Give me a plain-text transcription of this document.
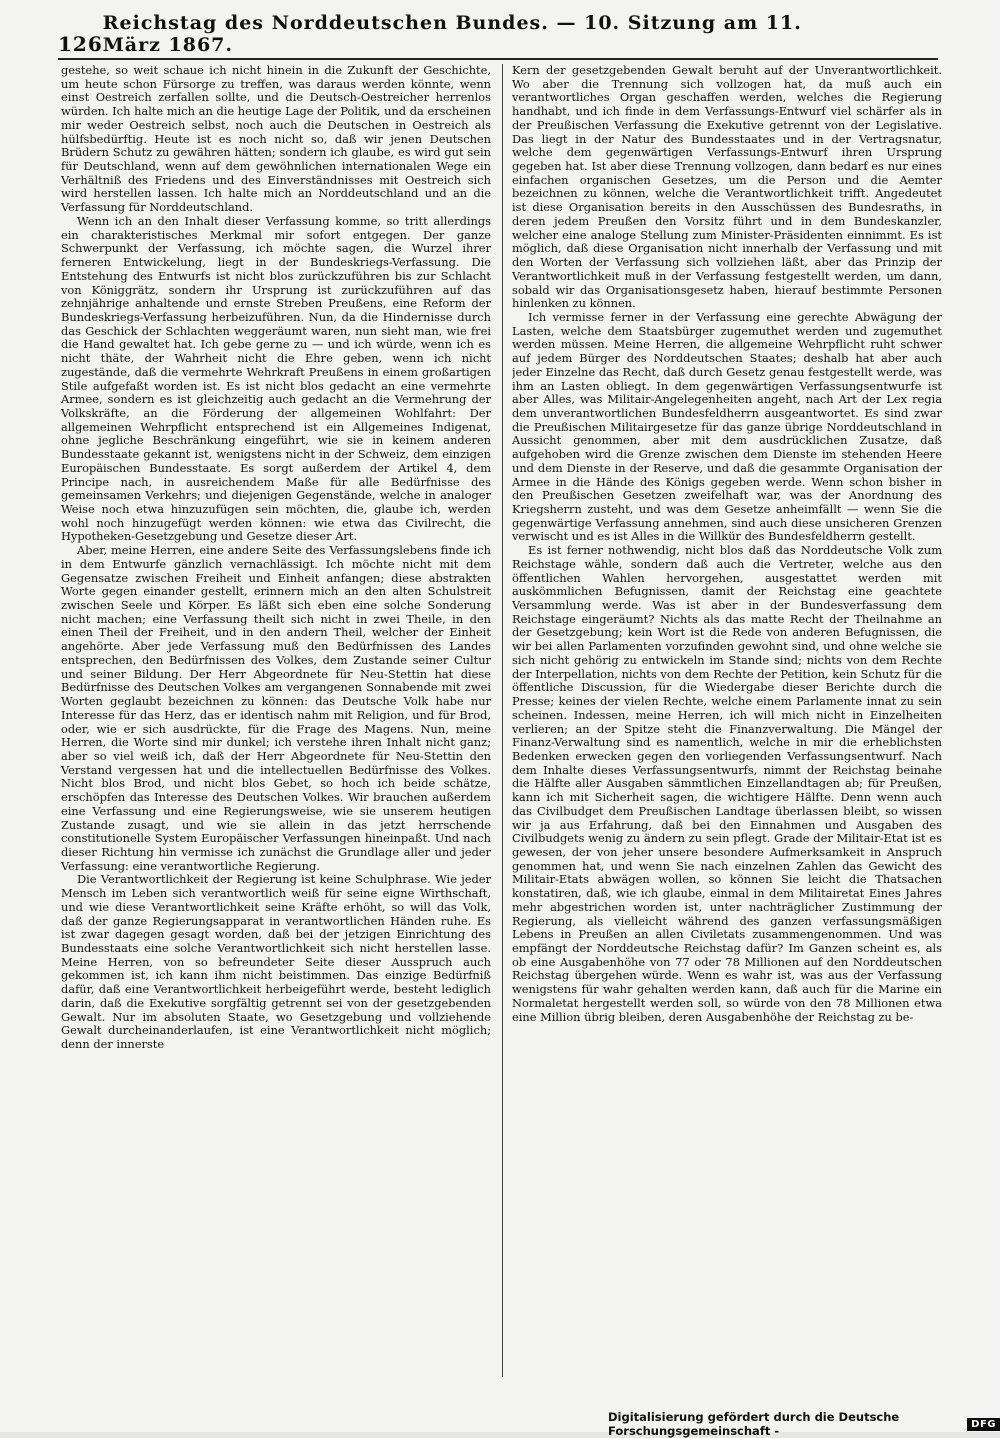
126
Reichstag des Norddeutschen Bundes. — 10. Sitzung am 11. März 1867.

gestehe, so weit schaue ich nicht hinein in die Zukunft der Geschichte, um heute schon Fürsorge zu treffen, was daraus werden könnte, wenn einst Oestreich zerfallen sollte, und die Deutsch-Oestreicher herrenlos würden. Ich halte mich an die heutige Lage der Politik, und da erscheinen mir weder Oestreich selbst, noch auch die Deutschen in Oestreich als hülfsbedürftig. Heute ist es noch nicht so, daß wir jenen Deutschen Brüdern Schutz zu gewähren hätten; sondern ich glaube, es wird gut sein für Deutschland, wenn auf dem gewöhnlichen internationalen Wege ein Verhältniß des Friedens und des Einverständnisses mit Oestreich sich wird herstellen lassen. Ich halte mich an Norddeutschland und an die Verfassung für Norddeutschland.

Wenn ich an den Inhalt dieser Verfassung komme, so tritt allerdings ein charakteristisches Merkmal mir sofort entgegen. Der ganze Schwerpunkt der Verfassung, ich möchte sagen, die Wurzel ihrer ferneren Entwickelung, liegt in der Bundeskriegs-Verfassung. Die Entstehung des Entwurfs ist nicht blos zurückzuführen bis zur Schlacht von Königgrätz, sondern ihr Ursprung ist zurückzuführen auf das zehnjährige anhaltende und ernste Streben Preußens, eine Reform der Bundeskriegs-Verfassung herbeizuführen. Nun, da die Hindernisse durch das Geschick der Schlachten weggeräumt waren, nun sieht man, wie frei die Hand gewaltet hat. Ich gebe gerne zu — und ich würde, wenn ich es nicht thäte, der Wahrheit nicht die Ehre geben, wenn ich nicht zugeständе, daß die vermehrte Wehrkraft Preußens in einem großartigen Stile aufgefaßt worden ist. Es ist nicht blos gedacht an eine vermehrte Armee, sondern es ist gleichzeitig auch gedacht an die Vermehrung der Volkskräfte, an die Förderung der allgemeinen Wohlfahrt: Der allgemeinen Wehrpflicht entsprechend ist ein Allgemeines Indigenat, ohne jegliche Beschränkung eingeführt, wie sie in keinem anderen Bundesstaate gekannt ist, wenigstens nicht in der Schweiz, dem einzigen Europäischen Bundesstaate. Es sorgt außerdem der Artikel 4, dem Principe nach, in ausreichendem Maße für alle Bedürfnisse des gemeinsamen Verkehrs; und diejenigen Gegenstände, welche in analoger Weise noch etwa hinzuzufügen sein möchten, die, glaube ich, werden wohl noch hinzugefügt werden können: wie etwa das Civilrecht, die Hypotheken-Gesetzgebung und Gesetze dieser Art.

Aber, meine Herren, eine andere Seite des Verfassungslebens finde ich in dem Entwurfe gänzlich vernachlässigt. Ich möchte nicht mit dem Gegensatze zwischen Freiheit und Einheit anfangen; diese abstrakten Worte gegen einander gestellt, erinnern mich an den alten Schulstreit zwischen Seele und Körper. Es läßt sich eben eine solche Sonderung nicht machen; eine Verfassung theilt sich nicht in zwei Theile, in den einen Theil der Freiheit, und in den andern Theil, welcher der Einheit angehörte. Aber jede Verfassung muß den Bedürfnissen des Landes entsprechen, den Bedürfnissen des Volkes, dem Zustande seiner Cultur und seiner Bildung. Der Herr Abgeordnete für Neu-Stettin hat diese Bedürfnisse des Deutschen Volkes am vergangenen Sonnabende mit zwei Worten geglaubt bezeichnen zu können: das Deutsche Volk habe nur Interesse für das Herz, das er identisch nahm mit Religion, und für Brod, oder, wie er sich ausdrückte, für die Frage des Magens. Nun, meine Herren, die Worte sind mir dunkel; ich verstehe ihren Inhalt nicht ganz; aber so viel weiß ich, daß der Herr Abgeordnete für Neu-Stettin den Verstand vergessen hat und die intellectuellen Bedürfnisse des Volkes. Nicht blos Brod, und nicht blos Gebet, so hoch ich beide schätze, erschöpfen das Interesse des Deutschen Volkes. Wir brauchen außerdem eine Verfassung und eine Regierungsweise, wie sie unserem heutigen Zustande zusagt, und wie sie allein in das jetzt herrschende constitutionelle System Europäischer Verfassungen hineinpaßt. Und nach dieser Richtung hin vermisse ich zunächst die Grundlage aller und jeder Verfassung: eine verantwortliche Regierung.

Die Verantwortlichkeit der Regierung ist keine Schulphrase. Wie jeder Mensch im Leben sich verantwortlich weiß für seine eigne Wirthschaft, und wie diese Verantwortlichkeit seine Kräfte erhöht, so will das Volk, daß der ganze Regierungsapparat in verantwortlichen Händen ruhe. Es ist zwar dagegen gesagt worden, daß bei der jetzigen Einrichtung des Bundesstaats eine solche Verantwortlichkeit sich nicht herstellen lasse. Meine Herren, von so befreundeter Seite dieser Ausspruch auch gekommen ist, ich kann ihm nicht beistimmen. Das einzige Bedürfniß dafür, daß eine Verantwortlichkeit herbeigeführt werde, besteht lediglich darin, daß die Exekutive sorgfältig getrennt sei von der gesetzgebenden Gewalt. Nur im absoluten Staate, wo Gesetzgebung und vollziehende Gewalt durcheinanderlaufen, ist eine Verantwortlichkeit nicht möglich; denn der innerste

Kern der gesetzgebenden Gewalt beruht auf der Unverantwortlichkeit. Wo aber die Trennung sich vollzogen hat, da muß auch ein verantwortliches Organ geschaffen werden, welches die Regierung handhabt, und ich finde in dem Verfassungs-Entwurf viel schärfer als in der Preußischen Verfassung die Exekutive getrennt von der Legislative. Das liegt in der Natur des Bundesstaates und in der Vertragsnatur, welche dem gegenwärtigen Verfassungs-Entwurf ihren Ursprung gegeben hat. Ist aber diese Trennung vollzogen, dann bedarf es nur eines einfachen organischen Gesetzes, um die Person und die Aemter bezeichnen zu können, welche die Verantwortlichkeit trifft. Angedeutet ist diese Organisation bereits in den Ausschüssen des Bundesraths, in deren jedem Preußen den Vorsitz führt und in dem Bundeskanzler, welcher eine analoge Stellung zum Minister-Präsidenten einnimmt. Es ist möglich, daß diese Organisation nicht innerhalb der Verfassung und mit den Worten der Verfassung sich vollziehen läßt, aber das Prinzip der Verantwortlichkeit muß in der Verfassung festgestellt werden, um dann, sobald wir das Organisationsgesetz haben, hierauf bestimmte Personen hinlenken zu können.

Ich vermisse ferner in der Verfassung eine gerechte Abwägung der Lasten, welche dem Staatsbürger zugemuthet werden und zugemuthet werden müssen. Meine Herren, die allgemeine Wehrpflicht ruht schwer auf jedem Bürger des Norddeutschen Staates; deshalb hat aber auch jeder Einzelne das Recht, daß durch Gesetz genau festgestellt werde, was ihm an Lasten obliegt. In dem gegenwärtigen Verfassungsentwurfe ist aber Alles, was Militair-Angelegenheiten angeht, nach Art der Lex regia dem unverantwortlichen Bundesfeldherrn ausgeantwortet. Es sind zwar die Preußischen Militairgesetze für das ganze übrige Norddeutschland in Aussicht genommen, aber mit dem ausdrücklichen Zusatze, daß aufgehoben wird die Grenze zwischen dem Dienste im stehenden Heere und dem Dienste in der Reserve, und daß die gesammte Organisation der Armee in die Hände des Königs gegeben werde. Wenn schon bisher in den Preußischen Gesetzen zweifelhaft war, was der Anordnung des Kriegsherrn zusteht, und was dem Gesetze anheimfällt — wenn Sie die gegenwärtige Verfassung annehmen, sind auch diese unsicheren Grenzen verwischt und es ist Alles in die Willkür des Bundesfeldherrn gestellt.

Es ist ferner nothwendig, nicht blos daß das Norddeutsche Volk zum Reichstage wähle, sondern daß auch die Vertreter, welche aus den öffentlichen Wahlen hervorgehen, ausgestattet werden mit auskömmlichen Befugnissen, damit der Reichstag eine geachtete Versammlung werde. Was ist aber in der Bundesverfassung dem Reichstage eingeräumt? Nichts als das matte Recht der Theilnahme an der Gesetzgebung; kein Wort ist die Rede von anderen Befugnissen, die wir bei allen Parlamenten vorzufinden gewohnt sind, und ohne welche sie sich nicht gehörig zu entwickeln im Stande sind; nichts von dem Rechte der Interpellation, nichts von dem Rechte der Petition, kein Schutz für die öffentliche Discussion, für die Wiedergabe dieser Berichte durch die Presse; keines der vielen Rechte, welche einem Parlamente innat zu sein scheinen. Indessen, meine Herren, ich will mich nicht in Einzelheiten verlieren; an der Spitze steht die Finanzverwaltung. Die Mängel der Finanz-Verwaltung sind es namentlich, welche in mir die erheblichsten Bedenken erwecken gegen den vorliegenden Verfassungsentwurf. Nach dem Inhalte dieses Verfassungsentwurfs, nimmt der Reichstag beinahe die Hälfte aller Ausgaben sämmtlichen Einzellandtagen ab; für Preußen, kann ich mit Sicherheit sagen, die wichtigere Hälfte. Denn wenn auch das Civilbudget dem Preußischen Landtage überlassen bleibt, so wissen wir ja aus Erfahrung, daß bei den Einnahmen und Ausgaben des Civilbudgets wenig zu ändern zu sein pflegt. Grade der Militair-Etat ist es gewesen, der von jeher unsere besondere Aufmerksamkeit in Anspruch genommen hat, und wenn Sie nach einzelnen Zahlen das Gewicht des Militair-Etats abwägen wollen, so können Sie leicht die Thatsachen konstatiren, daß, wie ich glaube, einmal in dem Militairetat Eines Jahres mehr abgestrichen worden ist, unter nachträglicher Zustimmung der Regierung, als vielleicht während des ganzen verfassungsmäßigen Lebens in Preußen an allen Civiletats zusammengenommen. Und was empfängt der Norddeutsche Reichstag dafür? Im Ganzen scheint es, als ob eine Ausgabenhöhe von 77 oder 78 Millionen auf den Norddeutschen Reichstag übergehen würde. Wenn es wahr ist, was aus der Verfassung wenigstens für wahr gehalten werden kann, daß auch für die Marine ein Normaletat hergestellt werden soll, so würde von den 78 Millionen etwa eine Million übrig bleiben, deren Ausgabenhöhe der Reichstag zu be-

Digitalisierung gefördert durch die Deutsche Forschungsgemeinschaft -	DFG
